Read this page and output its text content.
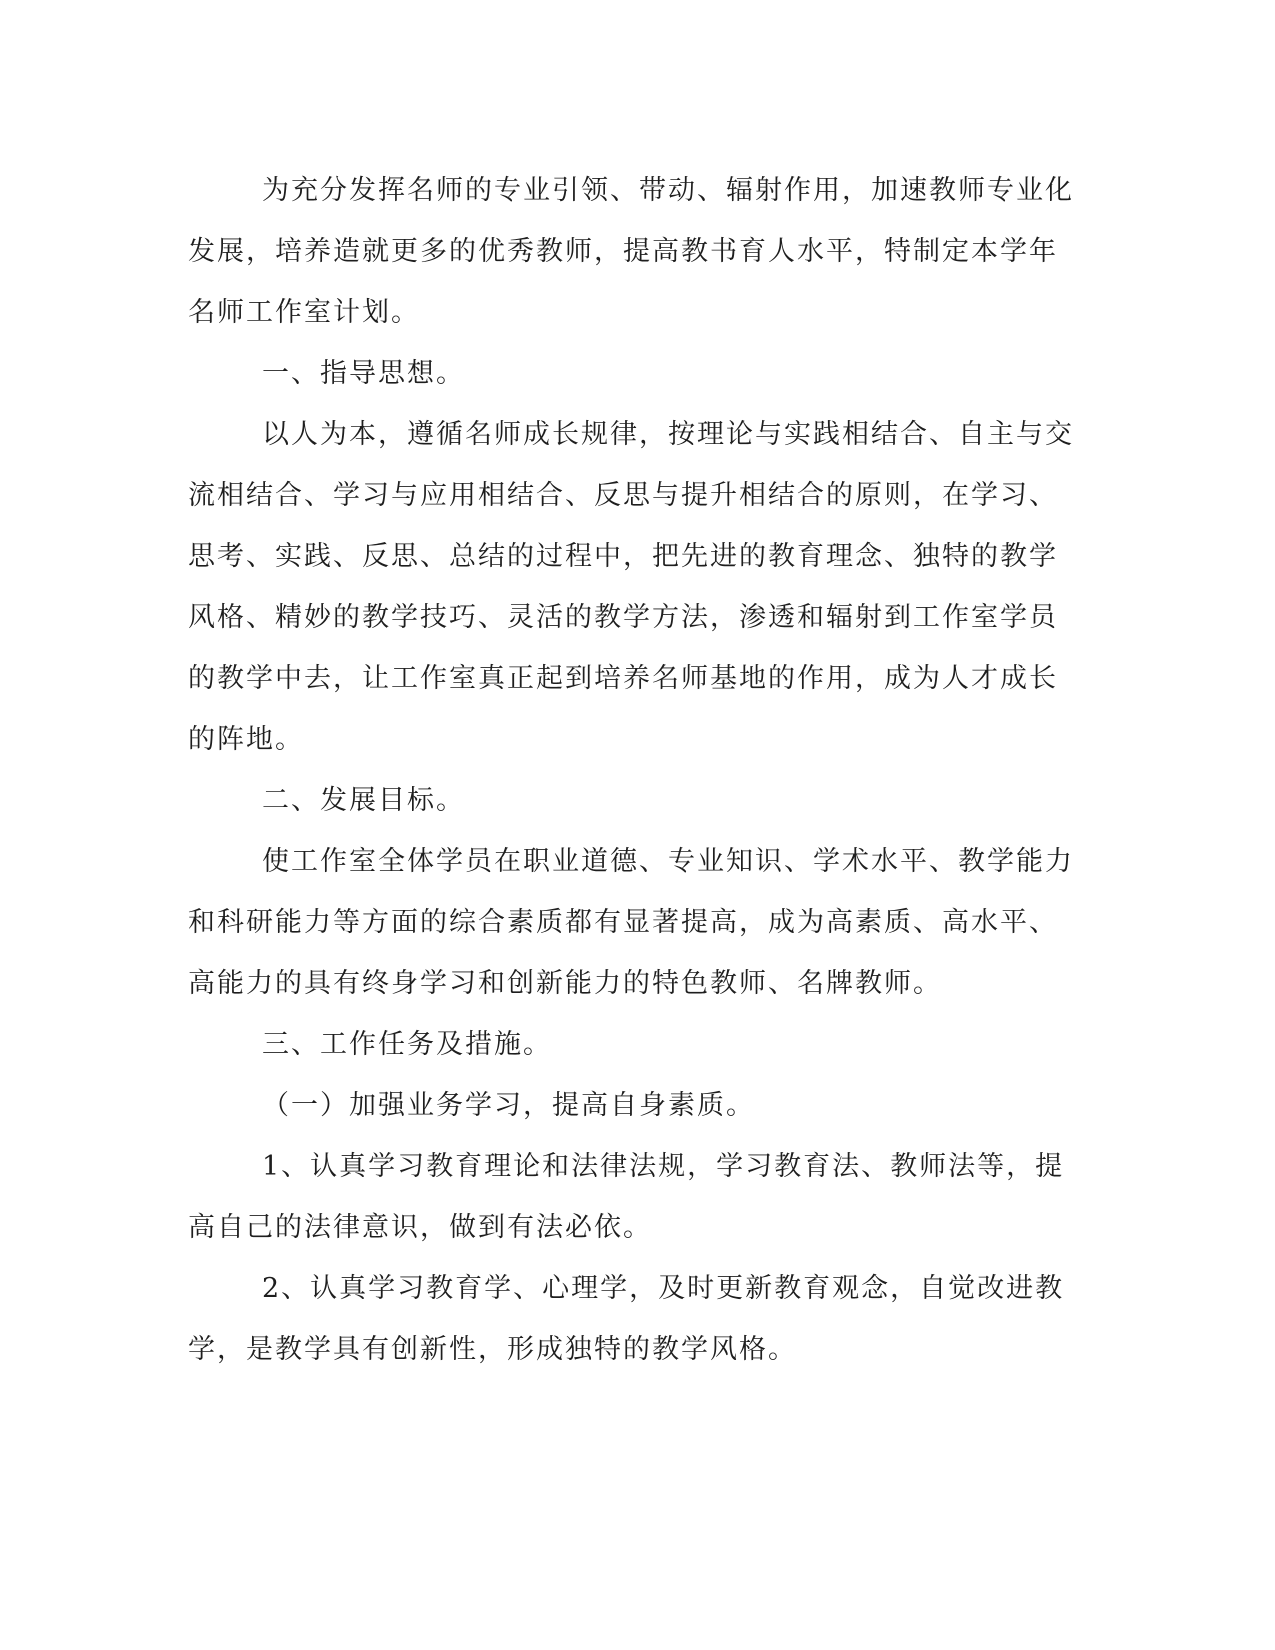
为充分发挥名师的专业引领、带动、辐射作用，加速教师专业化发展，培养造就更多的优秀教师，提高教书育人水平，特制定本学年名师工作室计划。

一、指导思想。

以人为本，遵循名师成长规律，按理论与实践相结合、自主与交流相结合、学习与应用相结合、反思与提升相结合的原则，在学习、思考、实践、反思、总结的过程中，把先进的教育理念、独特的教学风格、精妙的教学技巧、灵活的教学方法，渗透和辐射到工作室学员的教学中去，让工作室真正起到培养名师基地的作用，成为人才成长的阵地。

二、发展目标。

使工作室全体学员在职业道德、专业知识、学术水平、教学能力和科研能力等方面的综合素质都有显著提高，成为高素质、高水平、高能力的具有终身学习和创新能力的特色教师、名牌教师。

三、工作任务及措施。

（一）加强业务学习，提高自身素质。

1、认真学习教育理论和法律法规，学习教育法、教师法等，提高自己的法律意识，做到有法必依。

2、认真学习教育学、心理学，及时更新教育观念，自觉改进教学，是教学具有创新性，形成独特的教学风格。
